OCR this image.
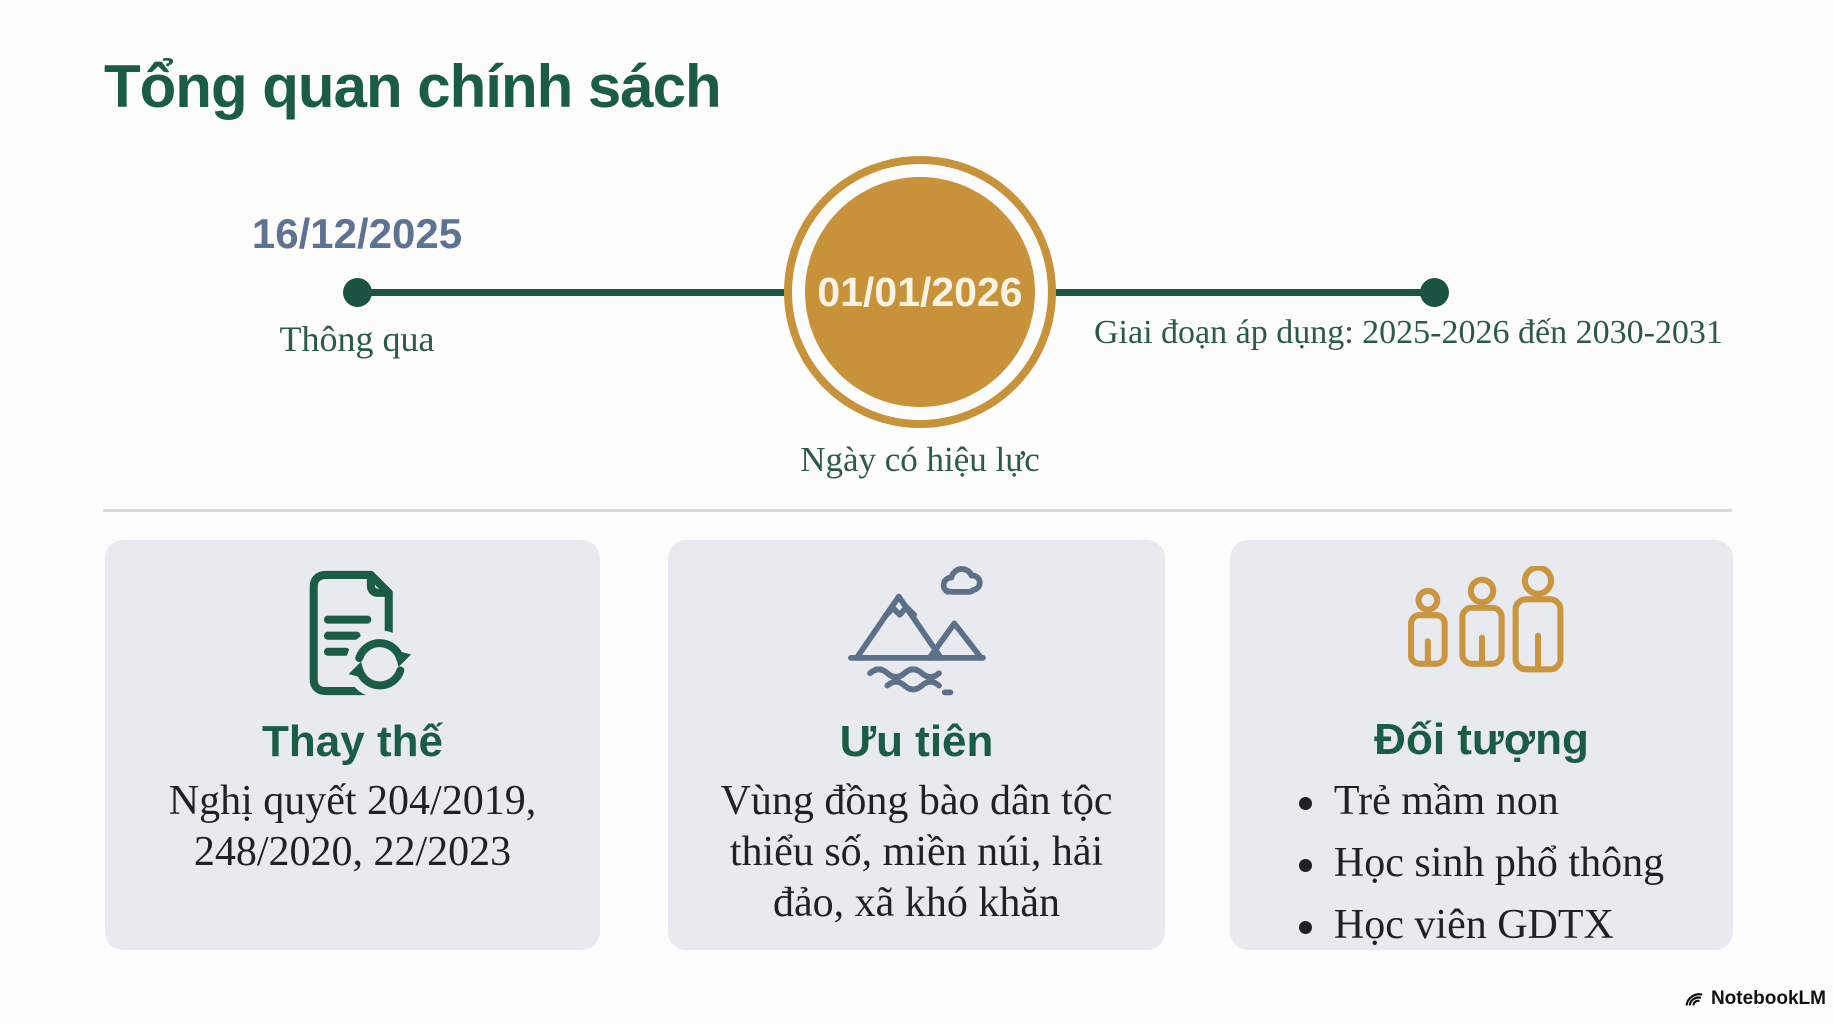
Tổng quan chính sách
16/12/2025
Thông qua
01/01/2026
Ngày có hiệu lực
Giai đoạn áp dụng: 2025-2026 đến 2030-2031
Thay thế
Nghị quyết 204/2019,
248/2020, 22/2023
Ưu tiên
Vùng đồng bào dân tộc
thiểu số, miền núi, hải
đảo, xã khó khăn
Đối tượng
Trẻ mầm non
Học sinh phổ thông
Học viên GDTX
NotebookLM
